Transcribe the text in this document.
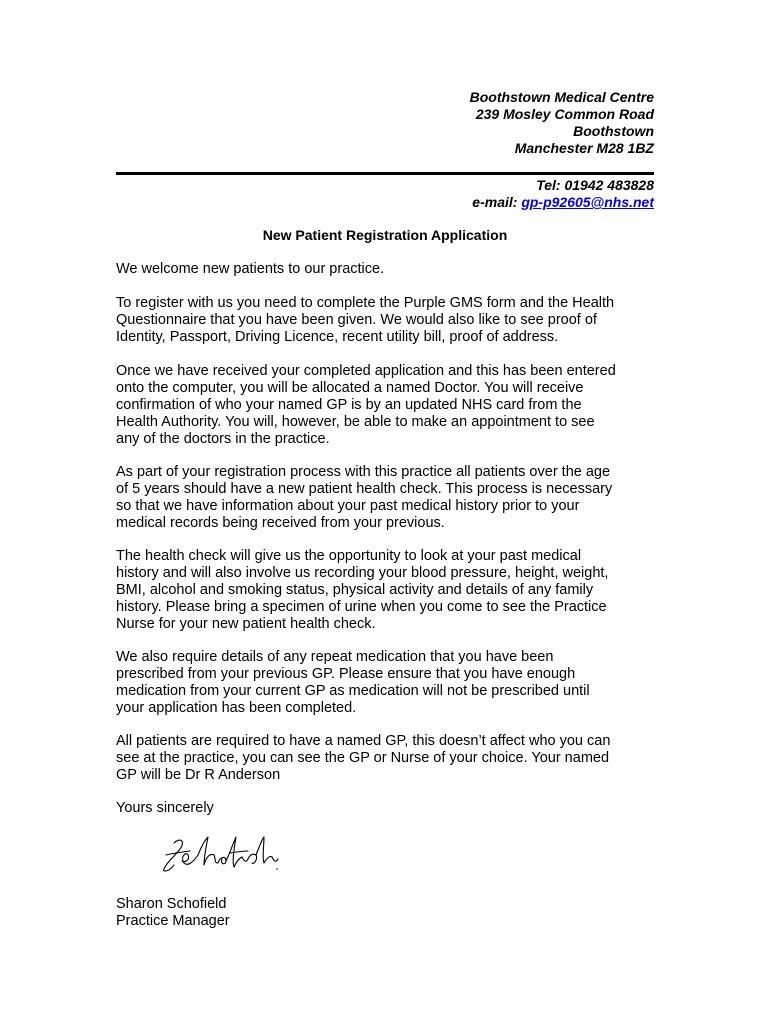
Boothstown Medical Centre
239 Mosley Common Road
Boothstown
Manchester M28 1BZ
Tel: 01942 483828
e-mail: gp-p92605@nhs.net
New Patient Registration Application
We welcome new patients to our practice.
To register with us you need to complete the Purple GMS form and the Health
Questionnaire that you have been given. We would also like to see proof of
Identity, Passport, Driving Licence, recent utility bill, proof of address.
Once we have received your completed application and this has been entered
onto the computer, you will be allocated a named Doctor. You will receive
confirmation of who your named GP is by an updated NHS card from the
Health Authority. You will, however, be able to make an appointment to see
any of the doctors in the practice.
As part of your registration process with this practice all patients over the age
of 5 years should have a new patient health check. This process is necessary
so that we have information about your past medical history prior to your
medical records being received from your previous.
The health check will give us the opportunity to look at your past medical
history and will also involve us recording your blood pressure, height, weight,
BMI, alcohol and smoking status, physical activity and details of any family
history. Please bring a specimen of urine when you come to see the Practice
Nurse for your new patient health check.
We also require details of any repeat medication that you have been
prescribed from your previous GP. Please ensure that you have enough
medication from your current GP as medication will not be prescribed until
your application has been completed.
All patients are required to have a named GP, this doesn’t affect who you can
see at the practice, you can see the GP or Nurse of your choice. Your named
GP will be Dr R Anderson
Yours sincerely
Sharon Schofield
Practice Manager
